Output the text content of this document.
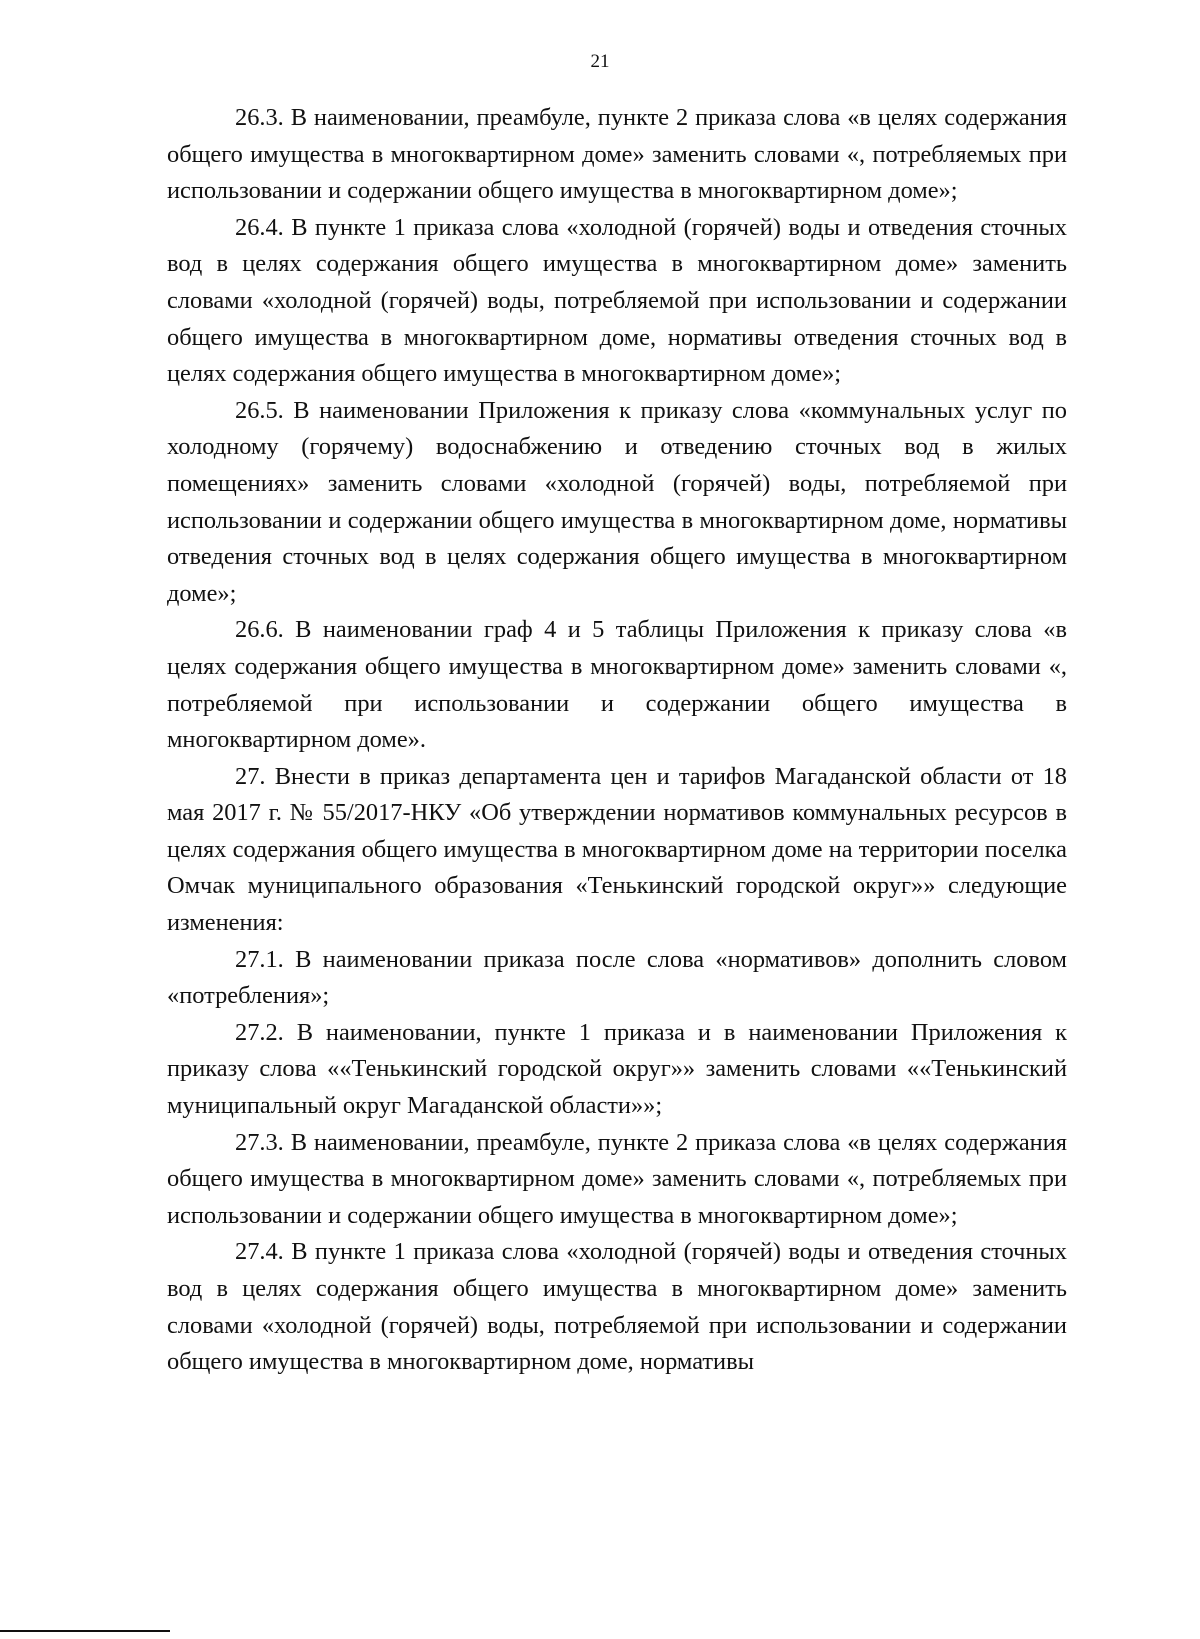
21

26.3. В наименовании, преамбуле, пункте 2 приказа слова «в целях содержания общего имущества в многоквартирном доме» заменить словами «, потребляемых при использовании и содержании общего имущества в многоквартирном доме»;

26.4. В пункте 1 приказа слова «холодной (горячей) воды и отведения сточных вод в целях содержания общего имущества в многоквартирном доме» заменить словами «холодной (горячей) воды, потребляемой при использовании и содержании общего имущества в многоквартирном доме, нормативы отведения сточных вод в целях содержания общего имущества в многоквартирном доме»;

26.5. В наименовании Приложения к приказу слова «коммунальных услуг по холодному (горячему) водоснабжению и отведению сточных вод в жилых помещениях» заменить словами «холодной (горячей) воды, потребляемой при использовании и содержании общего имущества в многоквартирном доме, нормативы отведения сточных вод в целях содержания общего имущества в многоквартирном доме»;

26.6. В наименовании граф 4 и 5 таблицы Приложения к приказу слова «в целях содержания общего имущества в многоквартирном доме» заменить словами «, потребляемой при использовании и содержании общего имущества в многоквартирном доме».

27. Внести в приказ департамента цен и тарифов Магаданской области от 18 мая 2017 г. № 55/2017-НКУ «Об утверждении нормативов коммунальных ресурсов в целях содержания общего имущества в многоквартирном доме на территории поселка Омчак муниципального образования «Тенькинский городской округ»» следующие изменения:

27.1. В наименовании приказа после слова «нормативов» дополнить словом «потребления»;

27.2. В наименовании, пункте 1 приказа и в наименовании Приложения к приказу слова ««Тенькинский городской округ»» заменить словами ««Тенькинский муниципальный округ Магаданской области»»;

27.3. В наименовании, преамбуле, пункте 2 приказа слова «в целях содержания общего имущества в многоквартирном доме» заменить словами «, потребляемых при использовании и содержании общего имущества в многоквартирном доме»;

27.4. В пункте 1 приказа слова «холодной (горячей) воды и отведения сточных вод в целях содержания общего имущества в многоквартирном доме» заменить словами «холодной (горячей) воды, потребляемой при использовании и содержании общего имущества в многоквартирном доме, нормативы
